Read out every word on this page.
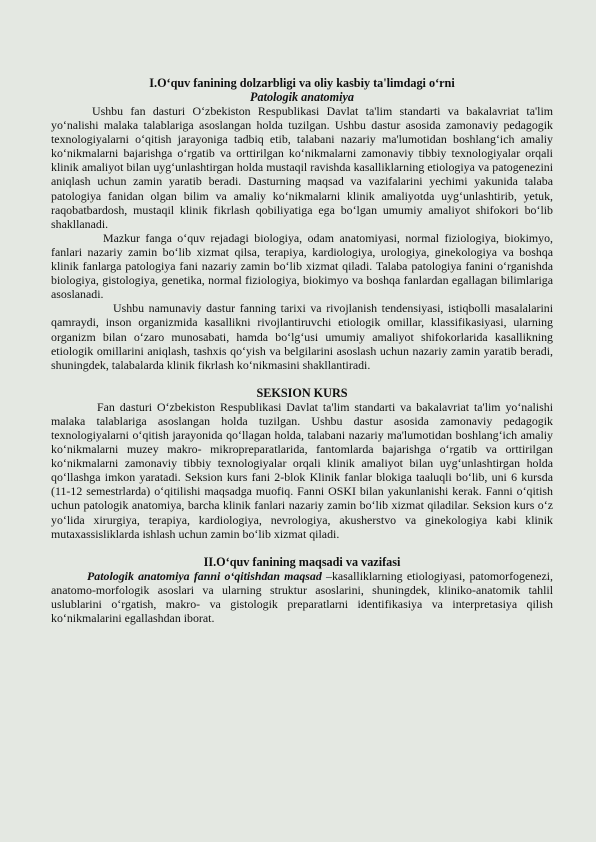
I.O‘quv fanining dolzarbligi va oliy kasbiy ta'limdagi o‘rni

Patologik anatomiya

Ushbu fan dasturi O‘zbekiston Respublikasi Davlat ta'lim standarti va bakalavriat ta'lim yo‘nalishi malaka talablariga asoslangan holda tuzilgan. Ushbu dastur asosida zamonaviy pedagogik texnologiyalarni o‘qitish jarayoniga tadbiq etib, talabani nazariy ma'lumotidan boshlang‘ich amaliy ko‘nikmalarni bajarishga o‘rgatib va orttirilgan ko‘nikmalarni zamonaviy tibbiy texnologiyalar orqali klinik amaliyot bilan uyg‘unlashtirgan holda mustaqil ravishda kasalliklarning etiologiya va patogenezini aniqlash uchun zamin yaratib beradi. Dasturning maqsad va vazifalarini yechimi yakunida talaba patologiya fanidan olgan bilim va amaliy ko‘nikmalarni klinik amaliyotda uyg‘unlashtirib, yetuk, raqobatbardosh, mustaqil klinik fikrlash qobiliyatiga ega bo‘lgan umumiy amaliyot shifokori bo‘lib shakllanadi.

Mazkur fanga o‘quv rejadagi biologiya, odam anatomiyasi, normal fiziologiya, biokimyo, fanlari nazariy zamin bo‘lib xizmat qilsa, terapiya, kardiologiya, urologiya, ginekologiya va boshqa klinik fanlarga patologiya fani nazariy zamin bo‘lib xizmat qiladi. Talaba patologiya fanini o‘rganishda biologiya, gistologiya, genetika, normal fiziologiya, biokimyo va boshqa fanlardan egallagan bilimlariga asoslanadi.

Ushbu namunaviy dastur fanning tarixi va rivojlanish tendensiyasi, istiqbolli masalalarini qamraydi, inson organizmida kasallikni rivojlantiruvchi etiologik omillar, klassifikasiyasi, ularning organizm bilan o‘zaro munosabati, hamda bo‘lg‘usi umumiy amaliyot shifokorlarida kasallikning etiologik omillarini aniqlash, tashxis qo‘yish va belgilarini asoslash uchun nazariy zamin yaratib beradi, shuningdek, talabalarda klinik fikrlash ko‘nikmasini shakllantiradi.

SEKSION KURS

Fan dasturi O‘zbekiston Respublikasi Davlat ta'lim standarti va bakalavriat ta'lim yo‘nalishi malaka talablariga asoslangan holda tuzilgan. Ushbu dastur asosida zamonaviy pedagogik texnologiyalarni o‘qitish jarayonida qo‘llagan holda, talabani nazariy ma'lumotidan boshlang‘ich amaliy ko‘nikmalarni muzey makro- mikropreparatlarida, fantomlarda bajarishga o‘rgatib va orttirilgan ko‘nikmalarni zamonaviy tibbiy texnologiyalar orqali klinik amaliyot bilan uyg‘unlashtirgan holda qo‘llashga imkon yaratadi. Seksion kurs fani 2-blok Klinik fanlar blokiga taaluqli bo‘lib, uni 6 kursda (11-12 semestrlarda) o‘qitilishi maqsadga muofiq. Fanni OSKI bilan yakunlanishi kerak. Fanni o‘qitish uchun patologik anatomiya, barcha klinik fanlari nazariy zamin bo‘lib xizmat qiladilar. Seksion kurs o‘z yo‘lida xirurgiya, terapiya, kardiologiya, nevrologiya, akusherstvo va ginekologiya kabi klinik mutaxassisliklarda ishlash uchun zamin bo‘lib xizmat qiladi.

II.O‘quv fanining maqsadi va vazifasi

Patologik anatomiya fanni o‘qitishdan maqsad –kasalliklarning etiologiyasi, patomorfogenezi, anatomo-morfologik asoslari va ularning struktur asoslarini, shuningdek, kliniko-anatomik tahlil uslublarini o‘rgatish, makro- va gistologik preparatlarni identifikasiya va interpretasiya qilish ko‘nikmalarini egallashdan iborat.
